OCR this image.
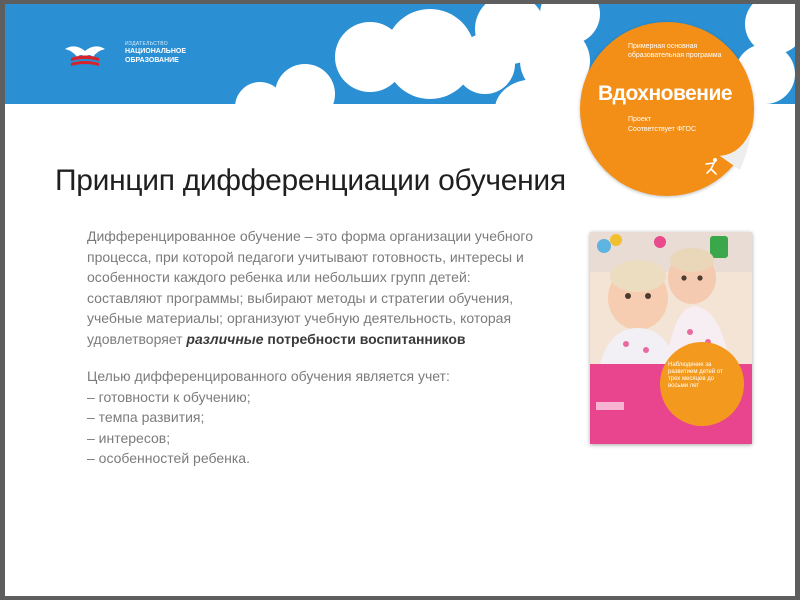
ИЗДАТЕЛЬСТВО
НАЦИОНАЛЬНОЕ
ОБРАЗОВАНИЕ
Примерная основная образовательная программа
Вдохновение
Проект
Соответствует ФГОС
Принцип дифференциации обучения

Дифференцированное обучение – это форма организации учебного процесса, при которой педагоги учитывают готовность, интересы и особенности каждого ребенка или небольших групп детей: составляют программы; выбирают методы и стратегии обучения, учебные материалы; организуют учебную деятельность, которая удовлетворяет различные потребности воспитанников

Целью дифференцированного обучения является учет:

– готовности к обучению;
– темпа развития;
– интересов;
– особенностей ребенка.
Наблюдение за развитием детей от трех месяцев до восьми лет
